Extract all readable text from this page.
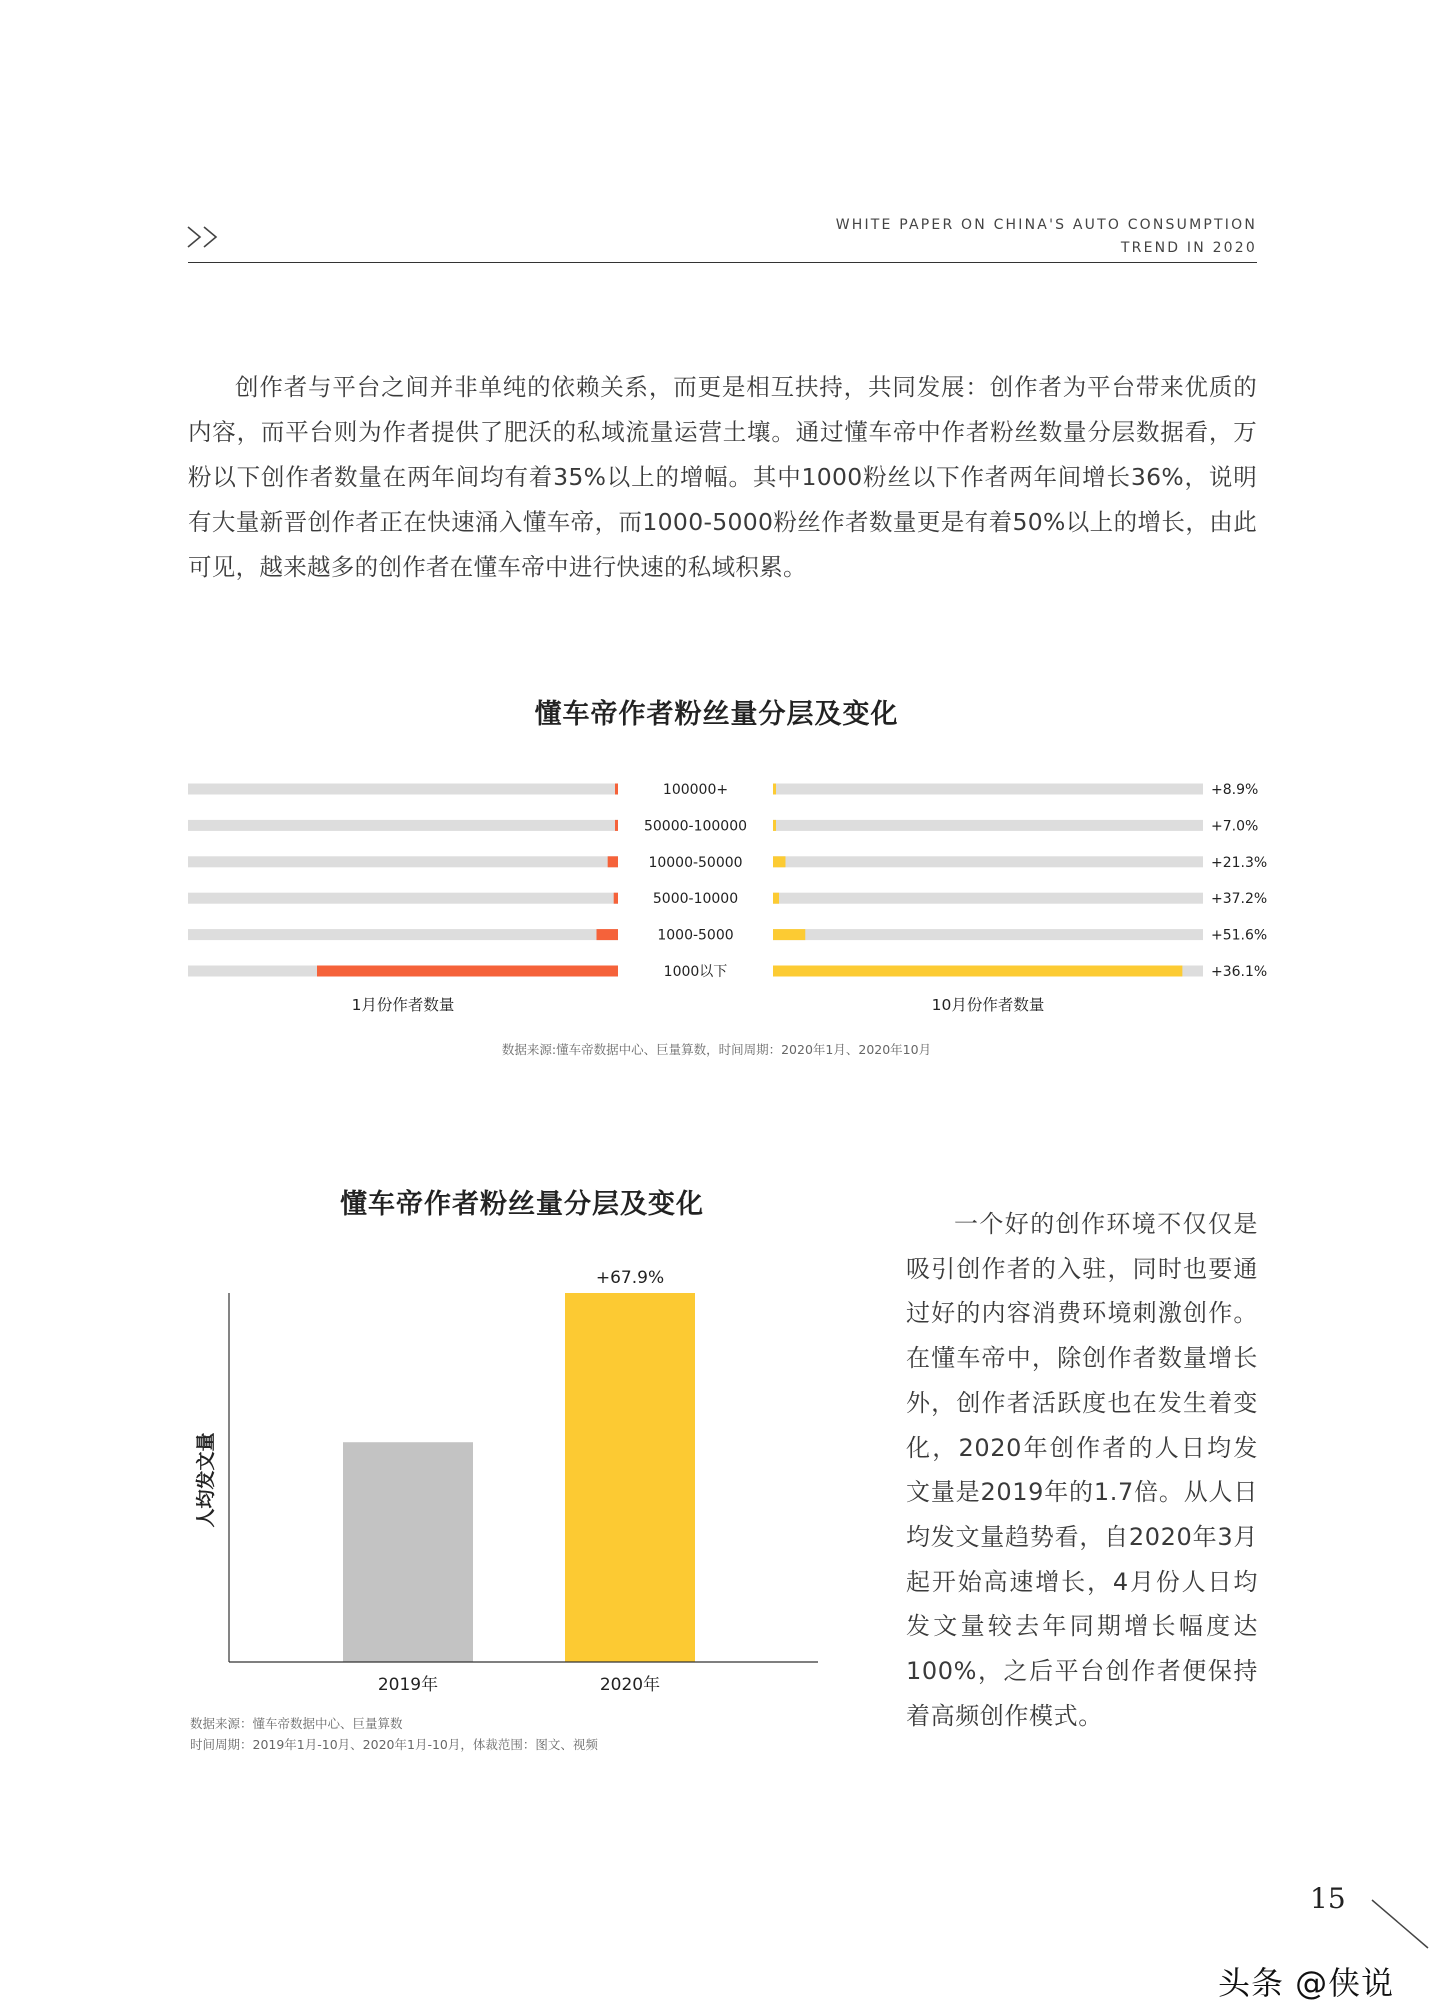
WHITE PAPER ON CHINA'S AUTO CONSUMPTION
TREND IN 2020

创作者与平台之间并非单纯的依赖关系，而更是相互扶持，共同发展：创作者为平台带来优质的内容，而平台则为作者提供了肥沃的私域流量运营土壤。通过懂车帝中作者粉丝数量分层数据看，万粉以下创作者数量在两年间均有着35%以上的增幅。其中1000粉丝以下作者两年间增长36%，说明有大量新晋创作者正在快速涌入懂车帝，而1000-5000粉丝作者数量更是有着50%以上的增长，由此可见，越来越多的创作者在懂车帝中进行快速的私域积累。

懂车帝作者粉丝量分层及变化
100000+	+8.9%
50000-100000	+7.0%
10000-50000	+21.3%
5000-10000	+37.2%
1000-5000	+51.6%
1000以下	+36.1%
1月份作者数量	10月份作者数量
数据来源:懂车帝数据中心、巨量算数，时间周期：2020年1月、2020年10月
懂车帝作者粉丝量分层及变化
2019年	2020年
+67.9%
人均发文量
数据来源：懂车帝数据中心、巨量算数
时间周期：2019年1月-10月、2020年1月-10月，体裁范围：图文、视频

一个好的创作环境不仅仅是吸引创作者的入驻，同时也要通过好的内容消费环境刺激创作。在懂车帝中，除创作者数量增长外，创作者活跃度也在发生着变化，2020年创作者的人日均发文量是2019年的1.7倍。从人日均发文量趋势看，自2020年3月起开始高速增长，4月份人日均发文量较去年同期增长幅度达100%，之后平台创作者便保持着高频创作模式。

15
头条 @侠说
